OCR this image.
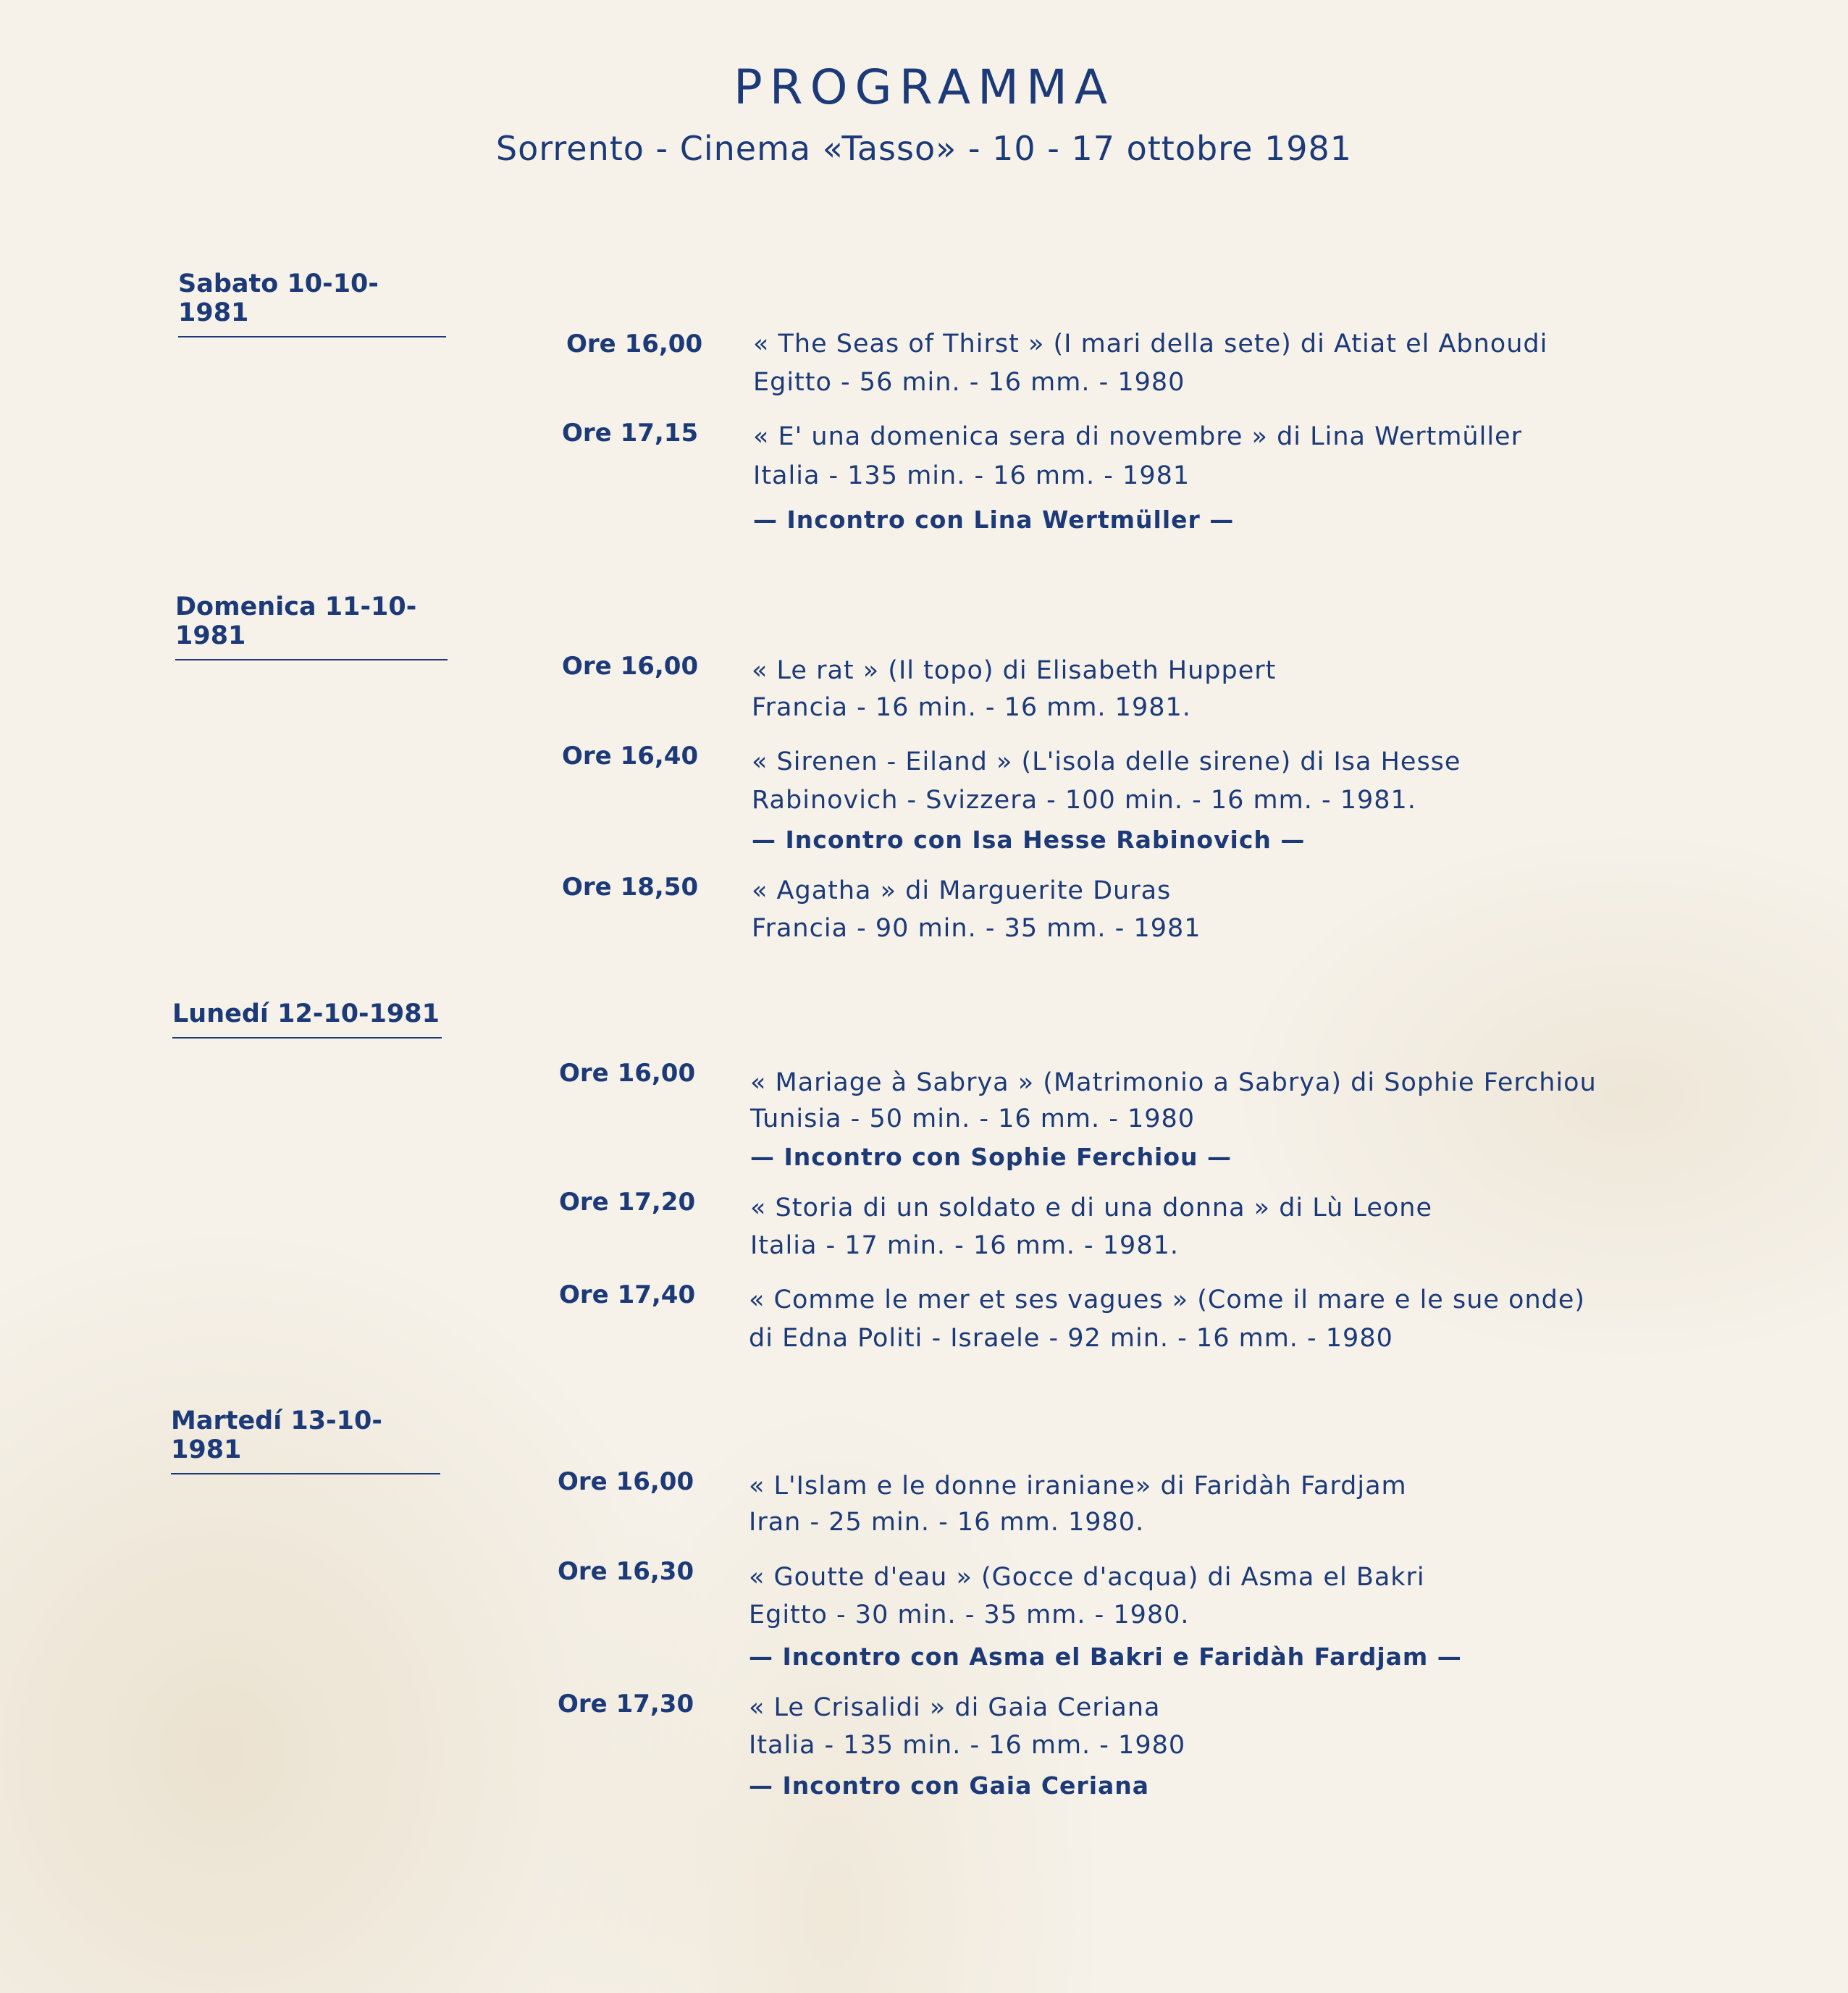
PROGRAMMA
Sorrento - Cinema «Tasso» - 10 - 17 ottobre 1981
Sabato 10-10-1981
Ore 16,00 « The Seas of Thirst » (I mari della sete) di Atiat el Abnoudi
Egitto - 56 min. - 16 mm. - 1980
Ore 17,15 « E' una domenica sera di novembre » di Lina Wertmüller
Italia - 135 min. - 16 mm. - 1981
— Incontro con Lina Wertmüller —
Domenica 11-10-1981
Ore 16,00 « Le rat » (Il topo) di Elisabeth Huppert
Francia - 16 min. - 16 mm. 1981.
Ore 16,40 « Sirenen - Eiland » (L'isola delle sirene) di Isa Hesse
Rabinovich - Svizzera - 100 min. - 16 mm. - 1981.
— Incontro con Isa Hesse Rabinovich —
Ore 18,50 « Agatha » di Marguerite Duras
Francia - 90 min. - 35 mm. - 1981
Lunedí 12-10-1981
Ore 16,00 « Mariage à Sabrya » (Matrimonio a Sabrya) di Sophie Ferchiou
Tunisia - 50 min. - 16 mm. - 1980
— Incontro con Sophie Ferchiou —
Ore 17,20 « Storia di un soldato e di una donna » di Lù Leone
Italia - 17 min. - 16 mm. - 1981.
Ore 17,40 « Comme le mer et ses vagues » (Come il mare e le sue onde)
di Edna Politi - Israele - 92 min. - 16 mm. - 1980
Martedí 13-10-1981
Ore 16,00 « L'Islam e le donne iraniane» di Faridàh Fardjam
Iran - 25 min. - 16 mm. 1980.
Ore 16,30 « Goutte d'eau » (Gocce d'acqua) di Asma el Bakri
Egitto - 30 min. - 35 mm. - 1980.
— Incontro con Asma el Bakri e Faridàh Fardjam —
Ore 17,30 « Le Crisalidi » di Gaia Ceriana
Italia - 135 min. - 16 mm. - 1980
— Incontro con Gaia Ceriana
